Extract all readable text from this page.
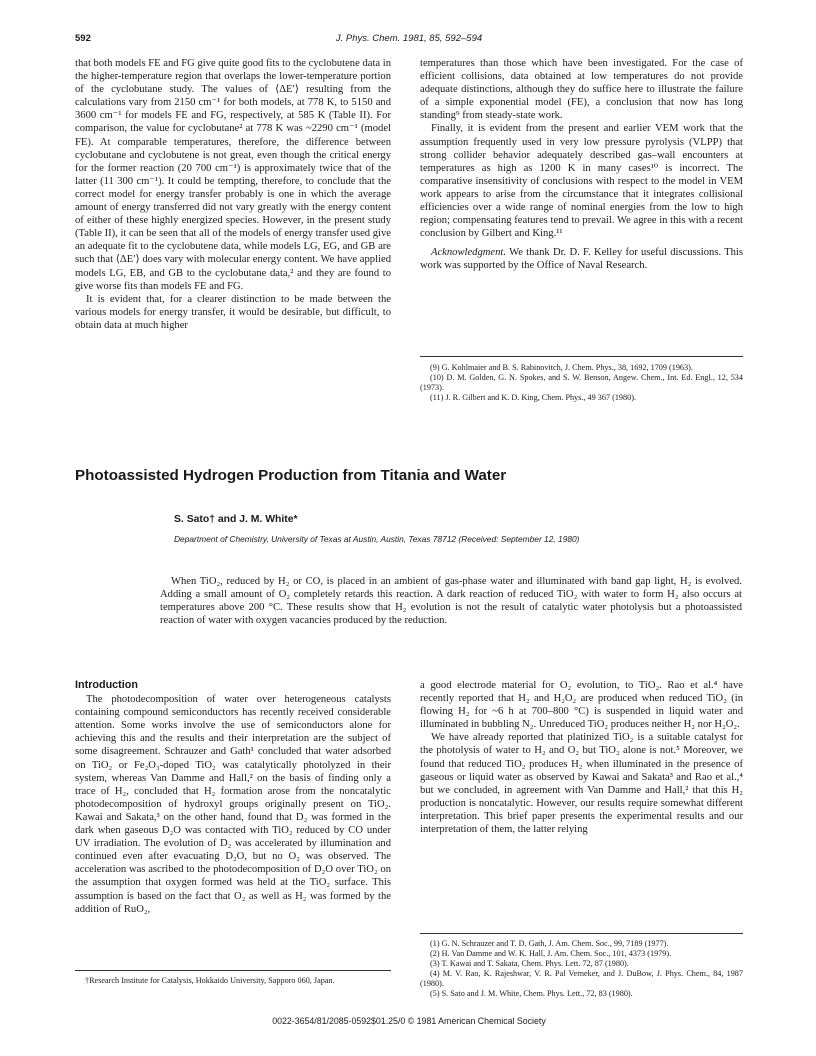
592	J. Phys. Chem. 1981, 85, 592–594

that both models FE and FG give quite good fits to the cyclobutene data in the higher-temperature region that overlaps the lower-temperature portion of the cyclobutane study. The values of ⟨ΔE′⟩ resulting from the calculations vary from 2150 cm⁻¹ for both models, at 778 K, to 5150 and 3600 cm⁻¹ for models FE and FG, respectively, at 585 K (Table II). For comparison, the value for cyclobutane² at 778 K was ~2290 cm⁻¹ (model FE). At comparable temperatures, therefore, the difference between cyclobutane and cyclobutene is not great, even though the critical energy for the former reaction (20 700 cm⁻¹) is approximately twice that of the latter (11 300 cm⁻¹). It could be tempting, therefore, to conclude that the correct model for energy transfer probably is one in which the average amount of energy transferred did not vary greatly with the energy content of either of these highly energized species. However, in the present study (Table II), it can be seen that all of the models of energy transfer used give an adequate fit to the cyclobutene data, while models LG, EG, and GB are such that ⟨ΔE′⟩ does vary with molecular energy content. We have applied models LG, EB, and GB to the cyclobutane data,² and they are found to give worse fits than models FE and FG.

It is evident that, for a clearer distinction to be made between the various models for energy transfer, it would be desirable, but difficult, to obtain data at much higher

temperatures than those which have been investigated. For the case of efficient collisions, data obtained at low temperatures do not provide adequate distinctions, although they do suffice here to illustrate the failure of a simple exponential model (FE), a conclusion that now has long standing⁹ from steady-state work.

Finally, it is evident from the present and earlier VEM work that the assumption frequently used in very low pressure pyrolysis (VLPP) that strong collider behavior adequately described gas–wall encounters at temperatures as high as 1200 K in many cases¹⁰ is incorrect. The comparative insensitivity of conclusions with respect to the model in VEM work appears to arise from the circumstance that it integrates collisional efficiencies over a wide range of nominal energies from the low to high region; compensating features tend to prevail. We agree in this with a recent conclusion by Gilbert and King.¹¹

Acknowledgment. We thank Dr. D. F. Kelley for useful discussions. This work was supported by the Office of Naval Research.

(9) G. Kohlmaier and B. S. Rabinovitch, J. Chem. Phys., 38, 1692, 1709 (1963).

(10) D. M. Golden, G. N. Spokes, and S. W. Benson, Angew. Chem., Int. Ed. Engl., 12, 534 (1973).

(11) J. R. Gilbert and K. D. King, Chem. Phys., 49 367 (1980).

Photoassisted Hydrogen Production from Titania and Water
S. Sato† and J. M. White*
Department of Chemistry, University of Texas at Austin, Austin, Texas 78712 (Received: September 12, 1980)
When TiO₂, reduced by H₂ or CO, is placed in an ambient of gas-phase water and illuminated with band gap light, H₂ is evolved. Adding a small amount of O₂ completely retards this reaction. A dark reaction of reduced TiO₂ with water to form H₂ also occurs at temperatures above 200 °C. These results show that H₂ evolution is not the result of catalytic water photolysis but a photoassisted reaction of water with oxygen vacancies produced by the reduction.
Introduction

The photodecomposition of water over heterogeneous catalysts containing compound semiconductors has recently received considerable attention. Some works involve the use of semiconductors alone for achieving this and the results and their interpretation are the subject of some disagreement. Schrauzer and Gath¹ concluded that water adsorbed on TiO₂ or Fe₂O₃-doped TiO₂ was catalytically photolyzed in their system, whereas Van Damme and Hall,² on the basis of finding only a trace of H₂, concluded that H₂ formation arose from the noncatalytic photodecomposition of hydroxyl groups originally present on TiO₂. Kawai and Sakata,³ on the other hand, found that D₂ was formed in the dark when gaseous D₂O was contacted with TiO₂ reduced by CO under UV irradiation. The evolution of D₂ was accelerated by illumination and continued even after evacuating D₂O, but no O₂ was observed. The acceleration was ascribed to the photodecomposition of D₂O over TiO₂ on the assumption that oxygen formed was held at the TiO₂ surface. This assumption is based on the fact that O₂ as well as H₂ was formed by the addition of RuO₂,

†Research Institute for Catalysis, Hokkaido University, Sapporo 060, Japan.

a good electrode material for O₂ evolution, to TiO₂. Rao et al.⁴ have recently reported that H₂ and H₂O₂ are produced when reduced TiO₂ (in flowing H₂ for ~6 h at 700–800 °C) is suspended in liquid water and illuminated in bubbling N₂. Unreduced TiO₂ produces neither H₂ nor H₂O₂.

We have already reported that platinized TiO₂ is a suitable catalyst for the photolysis of water to H₂ and O₂ but TiO₂ alone is not.⁵ Moreover, we found that reduced TiO₂ produces H₂ when illuminated in the presence of gaseous or liquid water as observed by Kawai and Sakata³ and Rao et al.,⁴ but we concluded, in agreement with Van Damme and Hall,² that this H₂ production is noncatalytic. However, our results require somewhat different interpretation. This brief paper presents the experimental results and our interpretation of them, the latter relying

(1) G. N. Schrauzer and T. D. Gath, J. Am. Chem. Soc., 99, 7189 (1977).

(2) H. Van Damme and W. K. Hall, J. Am. Chem. Soc., 101, 4373 (1979).

(3) T. Kawai and T. Sakata, Chem. Phys. Lett. 72, 87 (1980).

(4) M. V. Rao, K. Rajeshwar, V. R. Pal Verneker, and J. DuBow, J. Phys. Chem., 84, 1987 (1980).

(5) S. Sato and J. M. White, Chem. Phys. Lett., 72, 83 (1980).

0022-3654/81/2085-0592$01.25/0 © 1981 American Chemical Society
